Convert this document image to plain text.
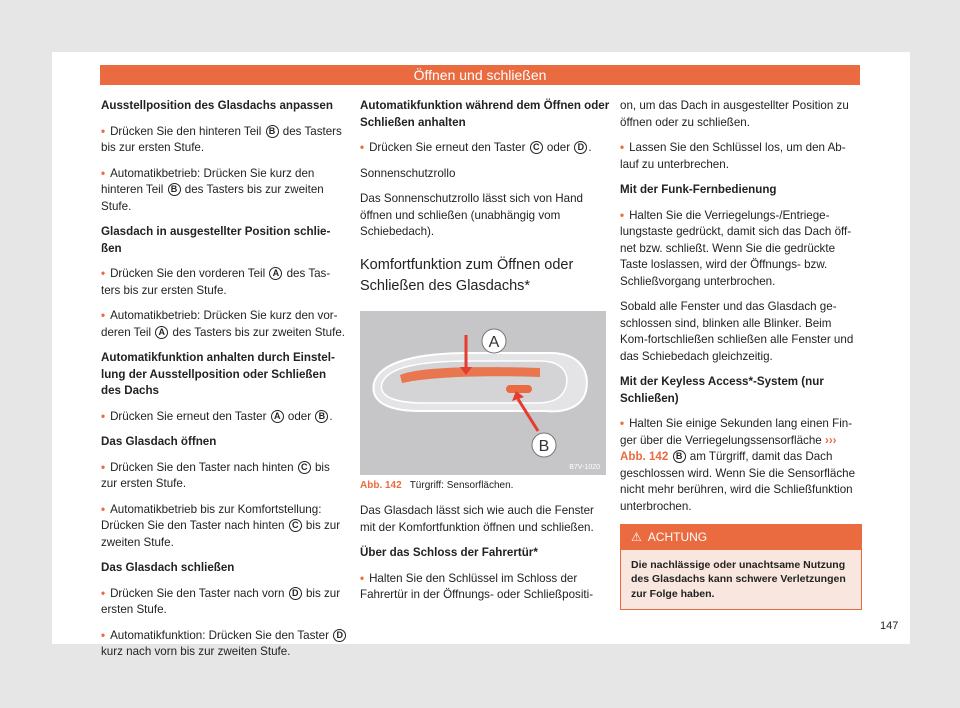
Öffnen und schließen

Ausstellposition des Glasdachs anpassen

• Drücken Sie den hinteren Teil B des Tasters bis zur ersten Stufe.

• Automatikbetrieb: Drücken Sie kurz den hinteren Teil B des Tasters bis zur zweiten Stufe.

Glasdach in ausgestellter Position schlie-ßen

• Drücken Sie den vorderen Teil A des Tas-ters bis zur ersten Stufe.

• Automatikbetrieb: Drücken Sie kurz den vor-deren Teil A des Tasters bis zur zweiten Stufe.

Automatikfunktion anhalten durch Einstel-lung der Ausstellposition oder Schließen des Dachs

• Drücken Sie erneut den Taster A oder B .

Das Glasdach öffnen

• Drücken Sie den Taster nach hinten C bis zur ersten Stufe.

• Automatikbetrieb bis zur Komfortstellung: Drücken Sie den Taster nach hinten C bis zur zweiten Stufe.

Das Glasdach schließen

• Drücken Sie den Taster nach vorn D bis zur ersten Stufe.

• Automatikfunktion: Drücken Sie den Taster D kurz nach vorn bis zur zweiten Stufe.

Automatikfunktion während dem Öffnen oder Schließen anhalten

• Drücken Sie erneut den Taster C oder D .

Sonnenschutzrollo

Das Sonnenschutzrollo lässt sich von Hand öffnen und schließen (unabhängig vom Schiebedach).

Komfortfunktion zum Öffnen oder Schließen des Glasdachs*
A
B
B7V-1020

Abb. 142 Türgriff: Sensorflächen.

Das Glasdach lässt sich wie auch die Fenster mit der Komfortfunktion öffnen und schließen.

Über das Schloss der Fahrertür*

• Halten Sie den Schlüssel im Schloss der Fahrertür in der Öffnungs- oder Schließpositi-

on, um das Dach in ausgestellter Position zu öffnen oder zu schließen.

• Lassen Sie den Schlüssel los, um den Ab-lauf zu unterbrechen.

Mit der Funk-Fernbedienung

• Halten Sie die Verriegelungs-/Entriege-lungstaste gedrückt, damit sich das Dach öff-net bzw. schließt. Wenn Sie die gedrückte Taste loslassen, wird der Öffnungs- bzw. Schließvorgang unterbrochen.

Sobald alle Fenster und das Glasdach ge-schlossen sind, blinken alle Blinker. Beim Kom-fortschließen schließen alle Fenster und das Schiebedach gleichzeitig.

Mit der Keyless Access*-System (nur Schließen)

• Halten Sie einige Sekunden lang einen Fin-ger über die Verriegelungssensorfläche ››› Abb. 142 B am Türgriff, damit das Dach geschlossen wird. Wenn Sie die Sensorfläche nicht mehr berühren, wird die Schließfunktion unterbrochen.

⚠ ACHTUNG
Die nachlässige oder unachtsame Nutzung des Glasdachs kann schwere Verletzungen zur Folge haben.
147
